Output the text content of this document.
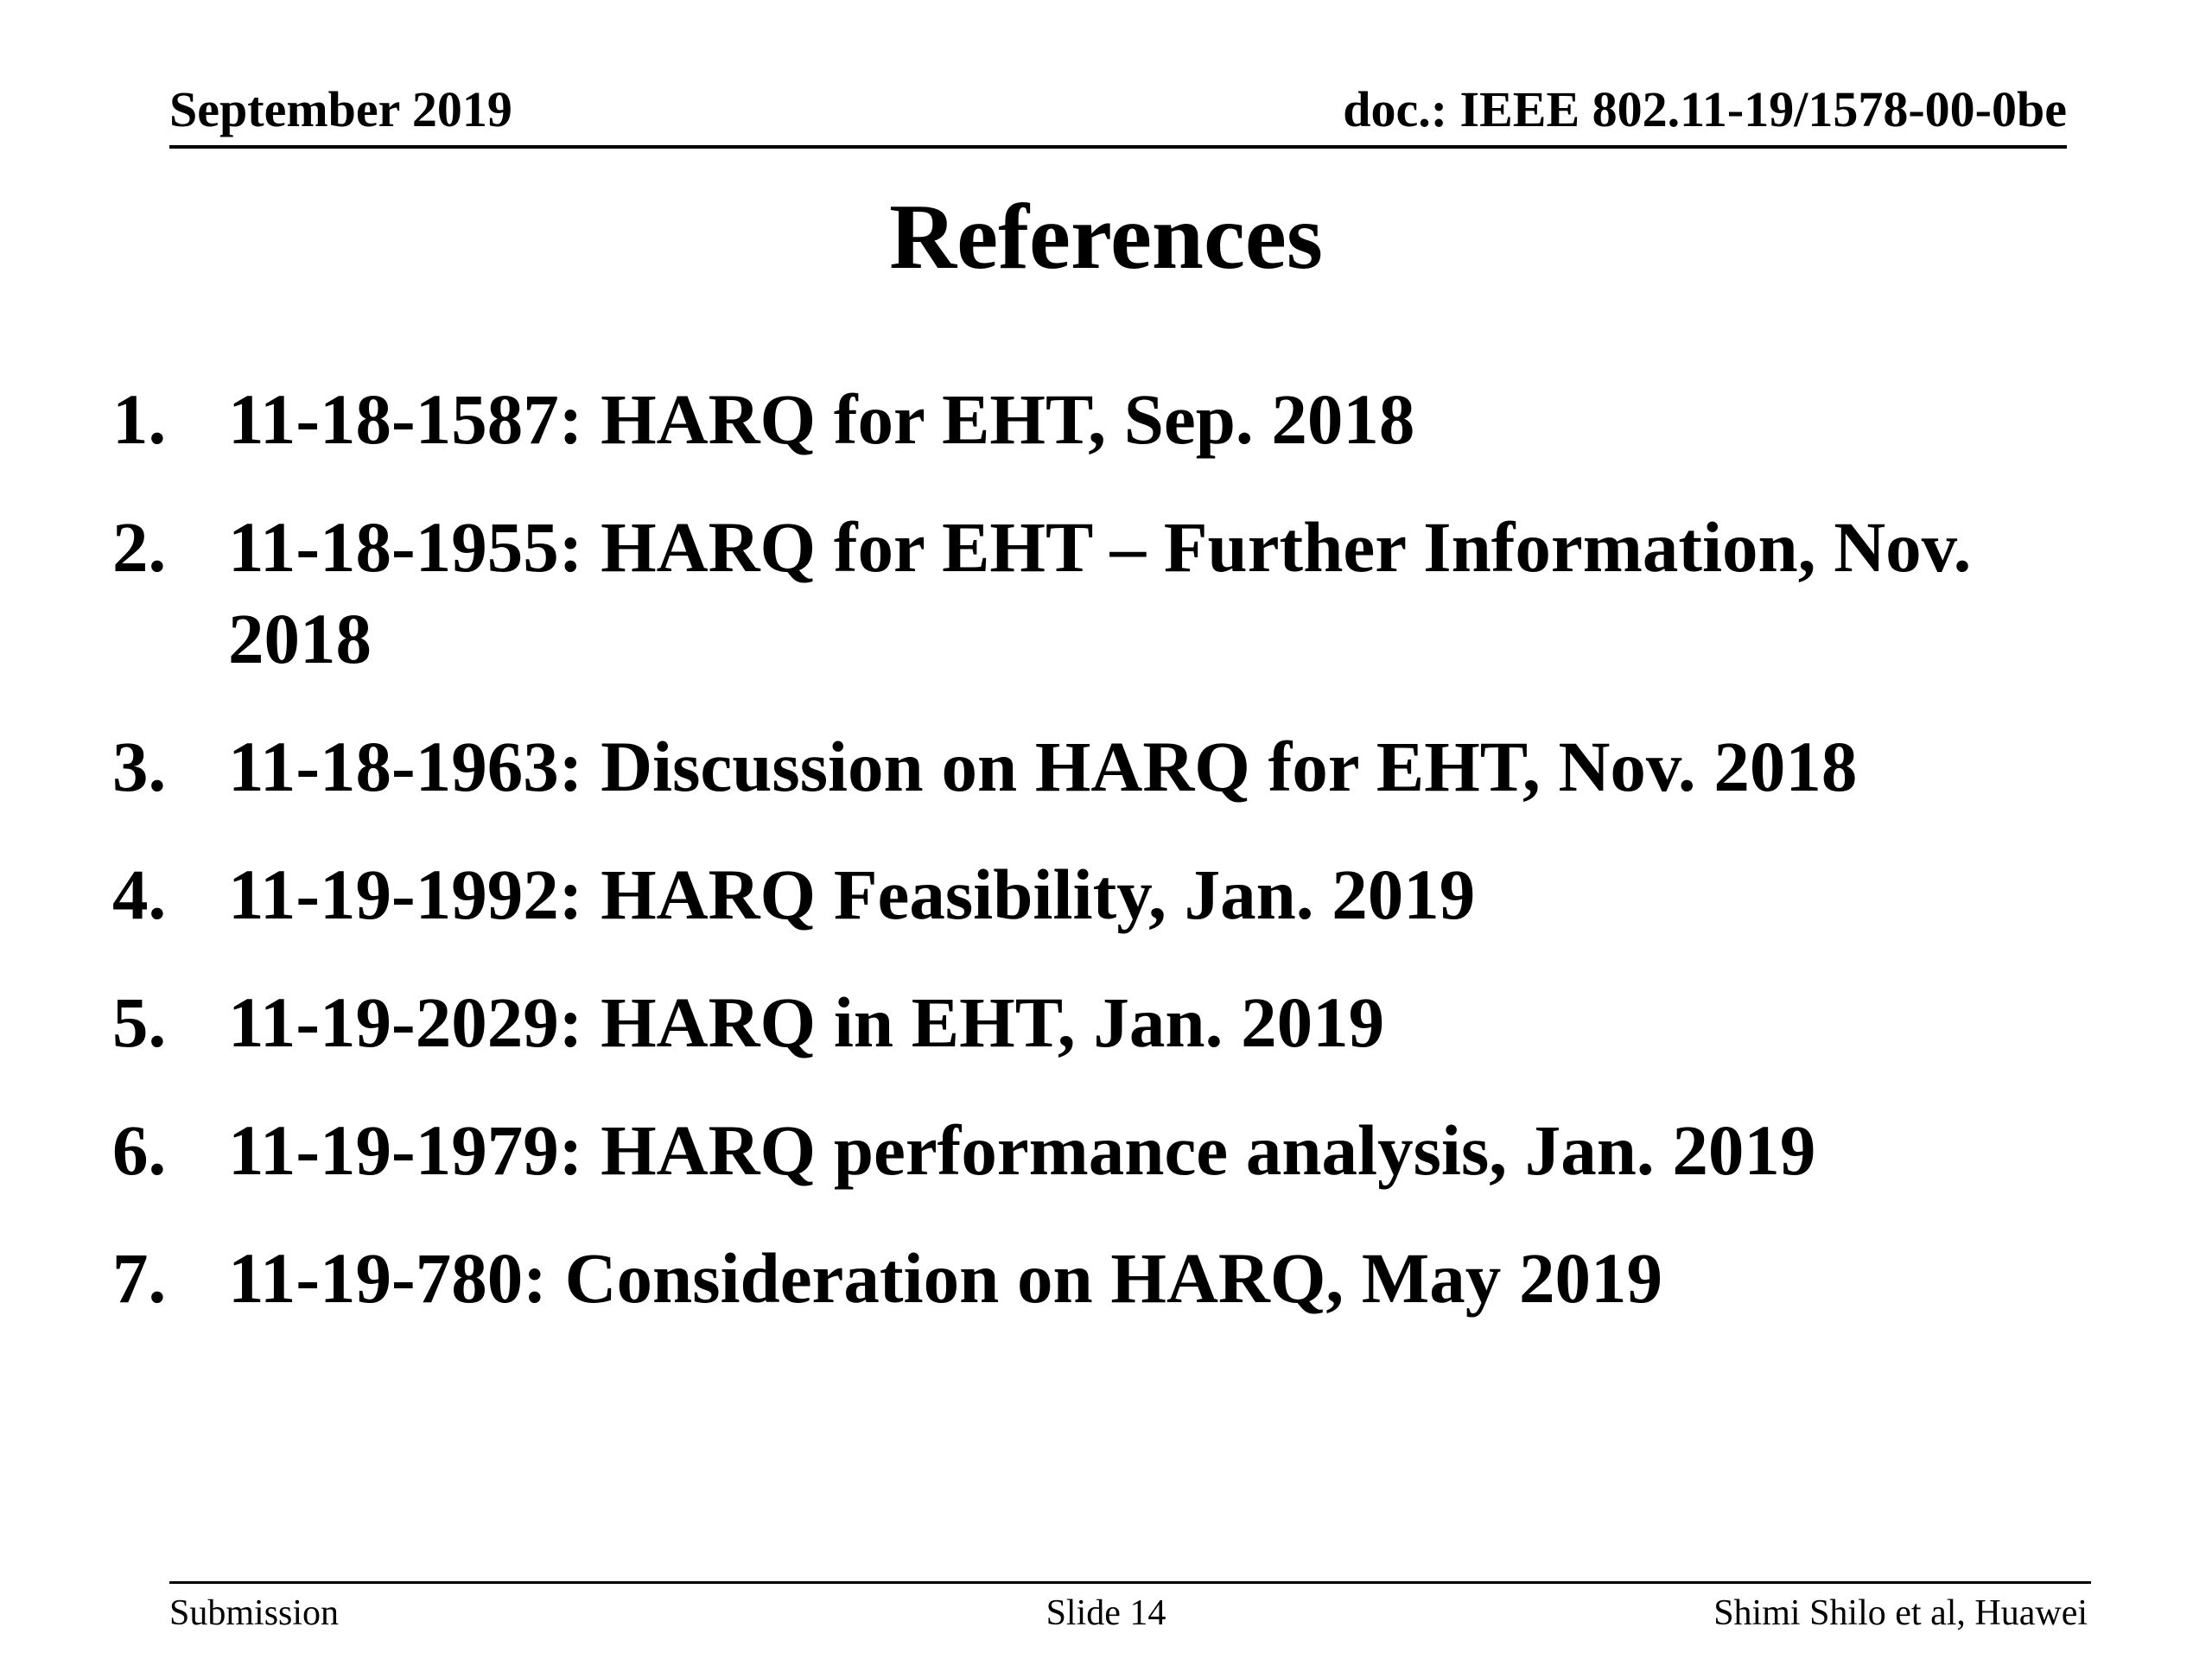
September 2019	doc.: IEEE 802.11-19/1578-00-0be
References
1. 11-18-1587: HARQ for EHT, Sep. 2018
2. 11-18-1955: HARQ for EHT – Further Information, Nov. 2018
3. 11-18-1963: Discussion on HARQ for EHT, Nov. 2018
4. 11-19-1992: HARQ Feasibility, Jan. 2019
5. 11-19-2029: HARQ in EHT, Jan. 2019
6. 11-19-1979: HARQ performance analysis, Jan. 2019
7. 11-19-780: Consideration on HARQ, May 2019
Submission	Slide 14	Shimi Shilo et al, Huawei
